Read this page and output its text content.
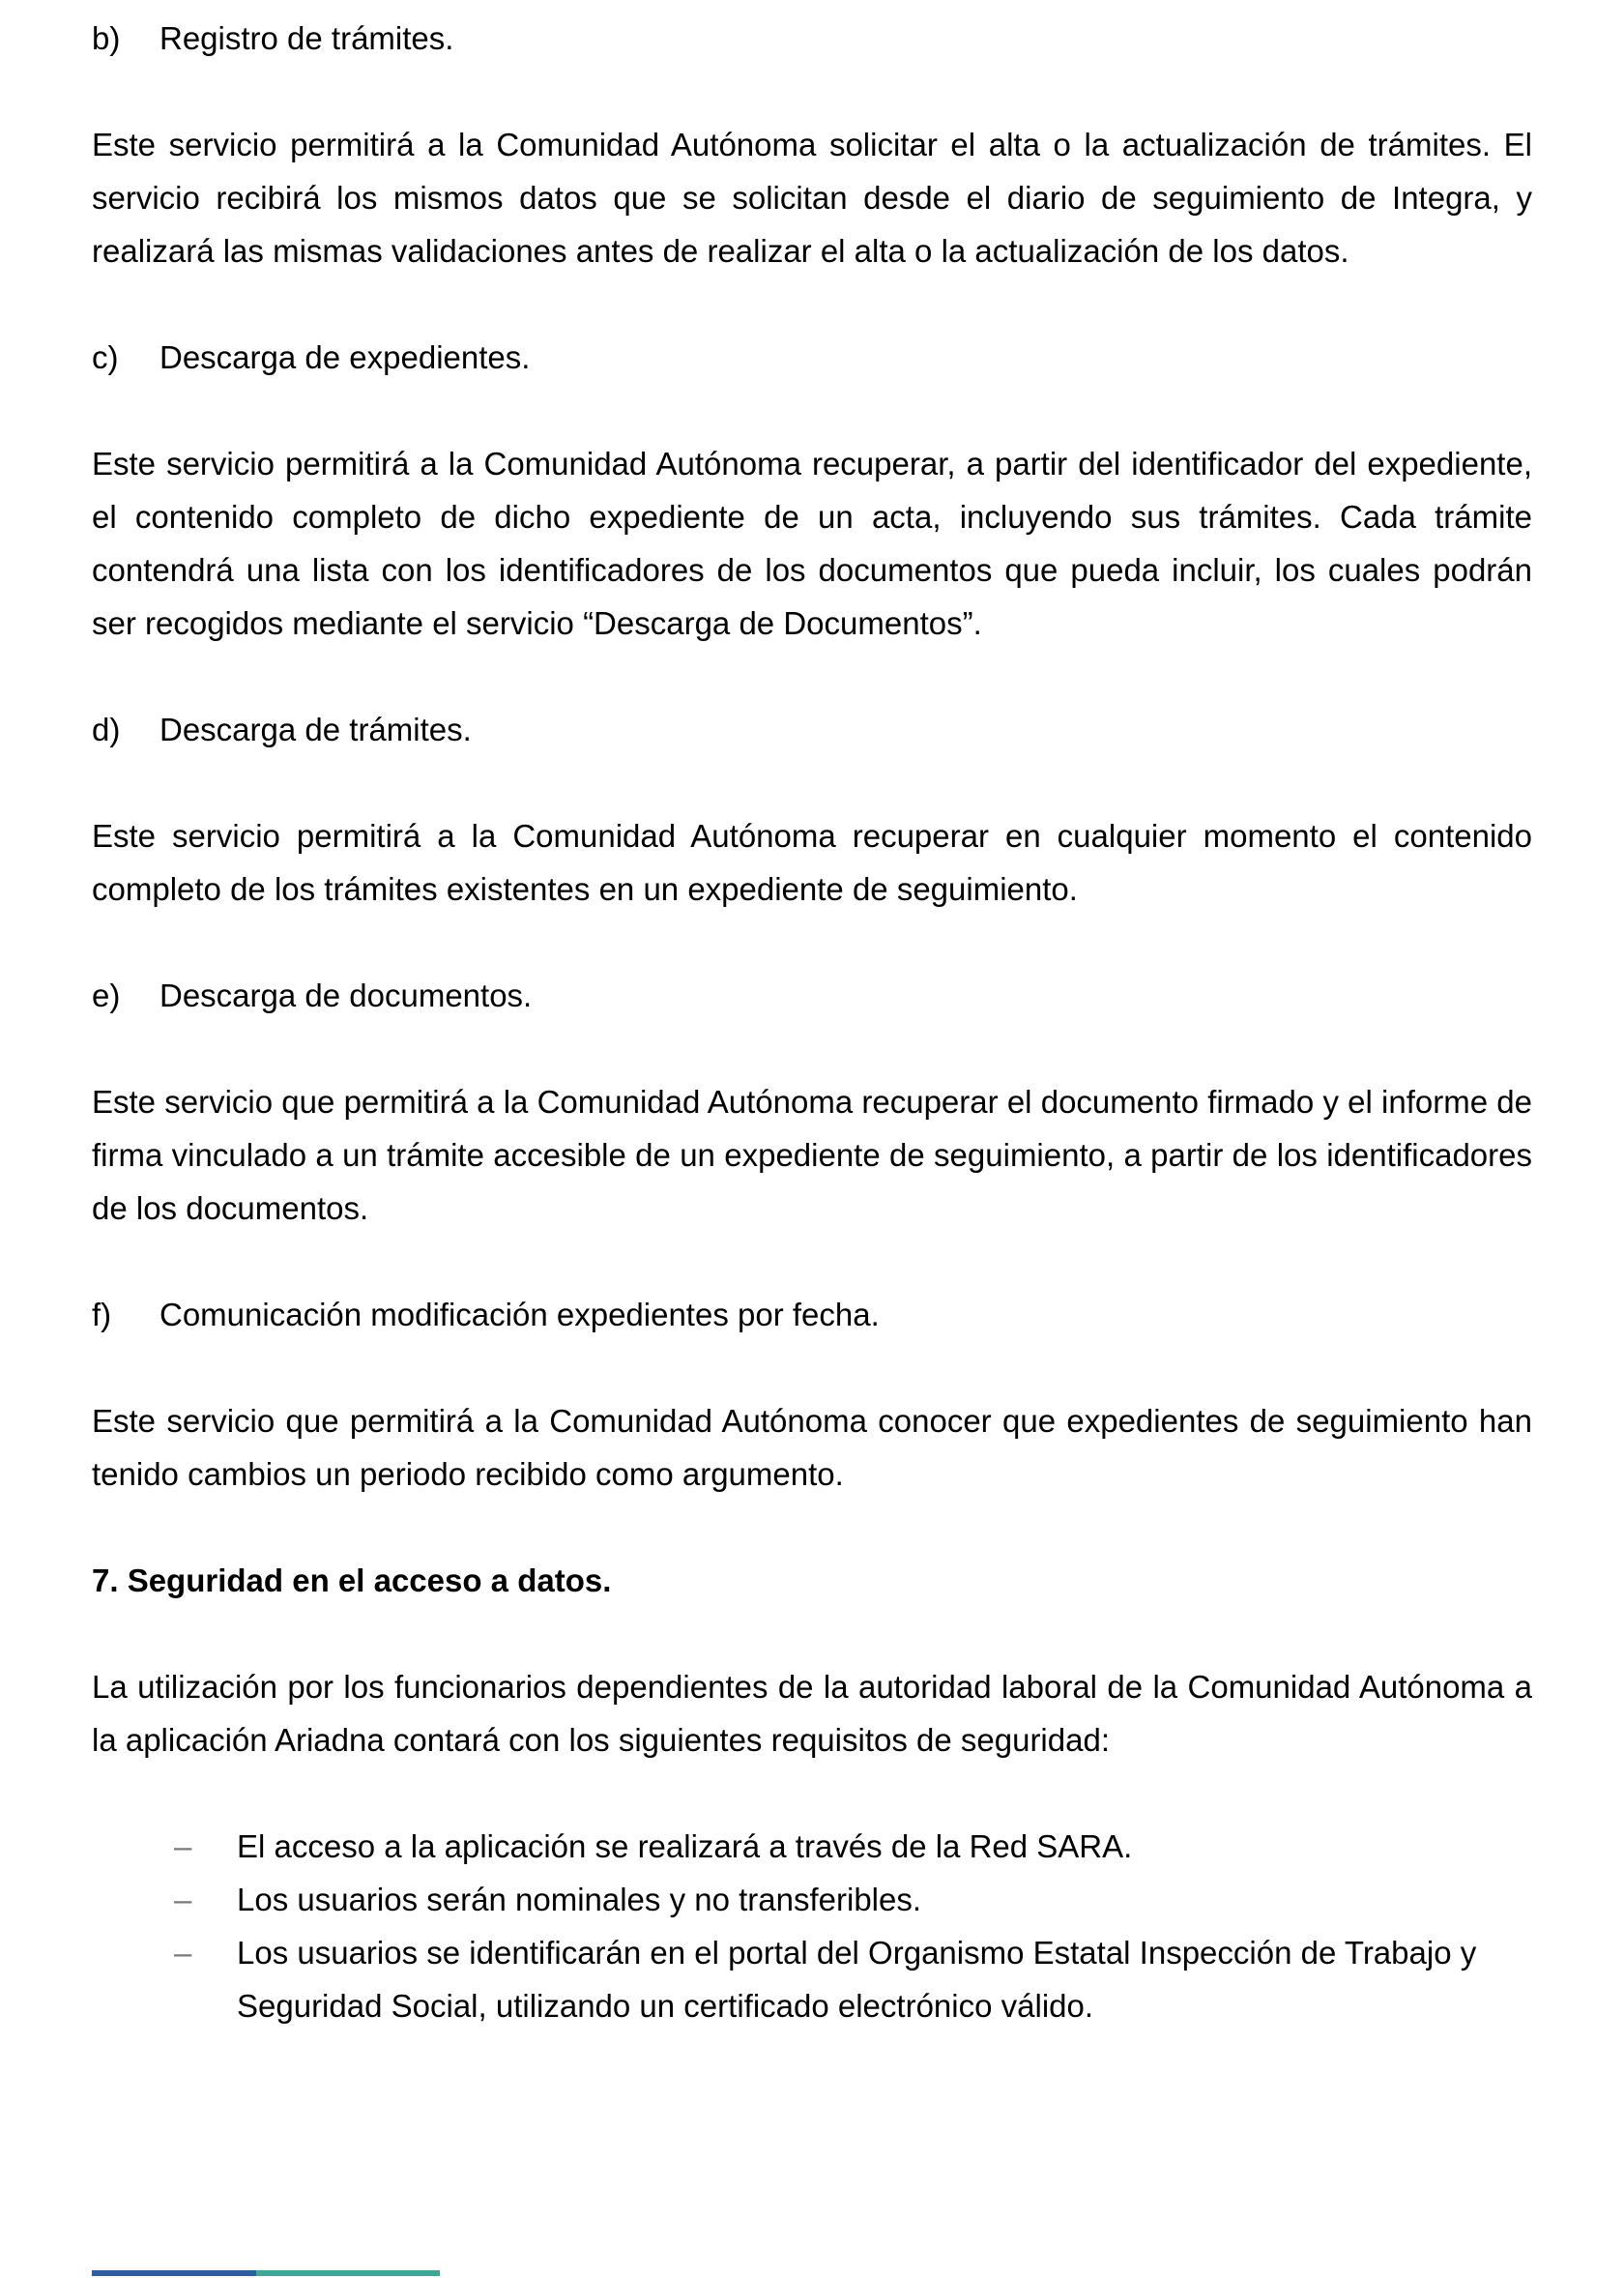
b)	Registro de trámites.

Este servicio permitirá a la Comunidad Autónoma solicitar el alta o la actualización de trámites. El servicio recibirá los mismos datos que se solicitan desde el diario de seguimiento de Integra, y realizará las mismas validaciones antes de realizar el alta o la actualización de los datos.

c)	Descarga de expedientes.

Este servicio permitirá a la Comunidad Autónoma recuperar, a partir del identificador del expediente, el contenido completo de dicho expediente de un acta, incluyendo sus trámites. Cada trámite contendrá una lista con los identificadores de los documentos que pueda incluir, los cuales podrán ser recogidos mediante el servicio “Descarga de Documentos”.

d)	Descarga de trámites.

Este servicio permitirá a la Comunidad Autónoma recuperar en cualquier momento el contenido completo de los trámites existentes en un expediente de seguimiento.

e)	Descarga de documentos.

Este servicio que permitirá a la Comunidad Autónoma recuperar el documento firmado y el informe de firma vinculado a un trámite accesible de un expediente de seguimiento, a partir de los identificadores de los documentos.

f)	Comunicación modificación expedientes por fecha.

Este servicio que permitirá a la Comunidad Autónoma conocer que expedientes de seguimiento han tenido cambios un periodo recibido como argumento.

7. Seguridad en el acceso a datos.

La utilización por los funcionarios dependientes de la autoridad laboral de la Comunidad Autónoma a la aplicación Ariadna contará con los siguientes requisitos de seguridad:

–	El acceso a la aplicación se realizará a través de la Red SARA.
–	Los usuarios serán nominales y no transferibles.
–	Los usuarios se identificarán en el portal del Organismo Estatal Inspección de Trabajo y Seguridad Social, utilizando un certificado electrónico válido.
